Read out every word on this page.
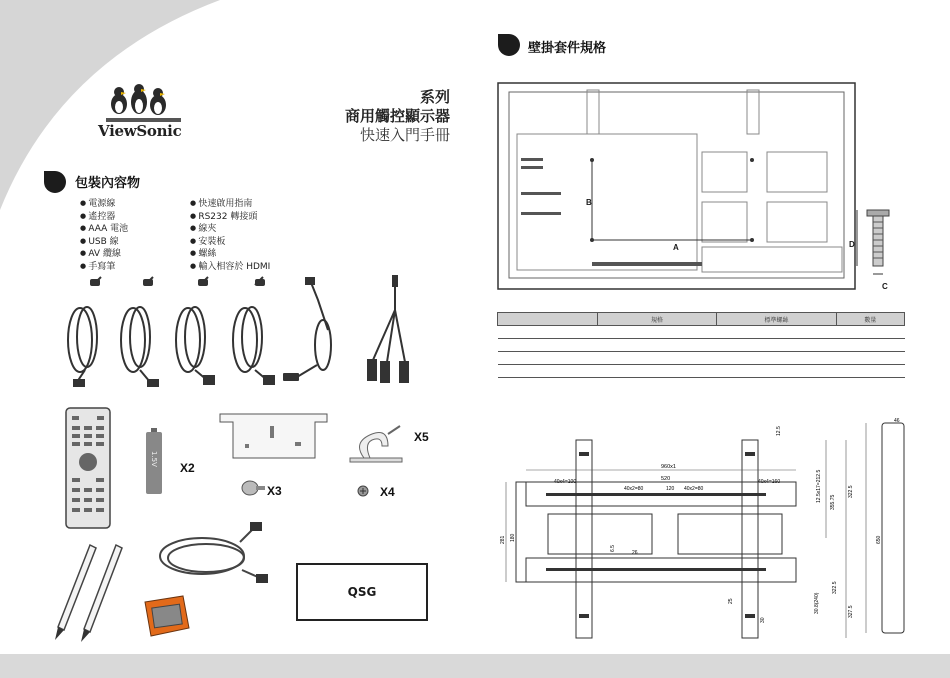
ViewSonic
系列
商用觸控顯示器
快速入門手冊
包裝內容物
● 電源線
● 遙控器
● AAA 電池
● USB 線
● AV 纜線
● 手寫筆
● 快速啟用指南
● RS232 轉接頭
● 線夾
● 安裝板
● 螺絲
● 輸入相容於 HDMI
1.5V
X2
X3	X4
X5
QSG
壁掛套件規格
B
A	D
C
	規格	標準螺絲	數量

960x1
520
120
40x4=100
40x2=80	40x2=80
40x4=160
12.5
12.5x17=212.5 355.75
322.5
281 180
6.5
26
650
327.5
30.8(240)
322.5
25
30
46
